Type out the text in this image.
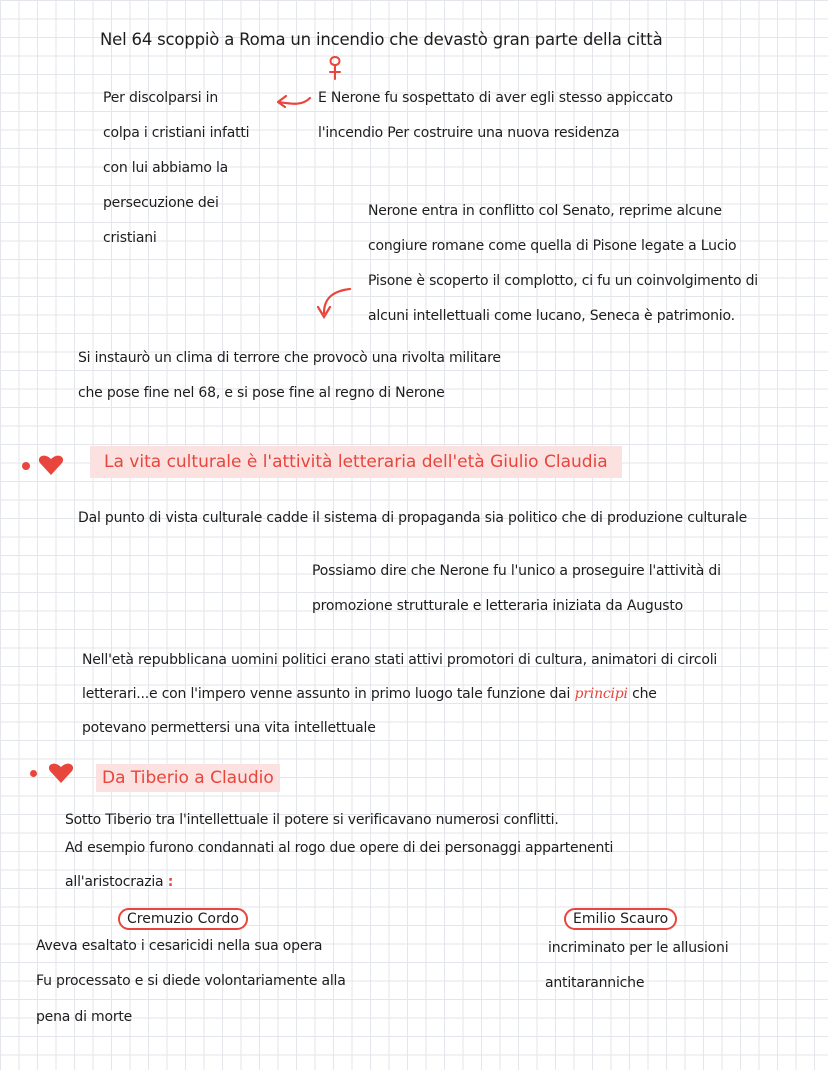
Nel 64 scoppiò a Roma un incendio che devastò gran parte della città
Per discolparsi in
colpa i cristiani infatti
con lui abbiamo la
persecuzione dei
cristiani
E Nerone fu sospettato di aver egli stesso appiccato
l'incendio Per costruire una nuova residenza
Nerone entra in conflitto col Senato, reprime alcune
congiure romane come quella di Pisone legate a Lucio
Pisone è scoperto il complotto, ci fu un coinvolgimento di
alcuni intellettuali come lucano, Seneca è patrimonio.
Si instaurò un clima di terrore che provocò una rivolta militare
che pose fine nel 68, e si pose fine al regno di Nerone
La vita culturale è l'attività letteraria dell'età Giulio Claudia
Dal punto di vista culturale cadde il sistema di propaganda sia politico che di produzione culturale
Possiamo dire che Nerone fu l'unico a proseguire l'attività di
promozione strutturale e letteraria iniziata da Augusto
Nell'età repubblicana uomini politici erano stati attivi promotori di cultura, animatori di circoli
letterari...e con l'impero venne assunto in primo luogo tale funzione dai principi che
potevano permettersi una vita intellettuale
Da Tiberio a Claudio
Sotto Tiberio tra l'intellettuale il potere si verificavano numerosi conflitti.
Ad esempio furono condannati al rogo due opere di dei personaggi appartenenti
all'aristocrazia :
Cremuzio Cordo
Aveva esaltato i cesaricidi nella sua opera
Fu processato e si diede volontariamente alla
pena di morte
Emilio Scauro
incriminato per le allusioni
antitaranniche
